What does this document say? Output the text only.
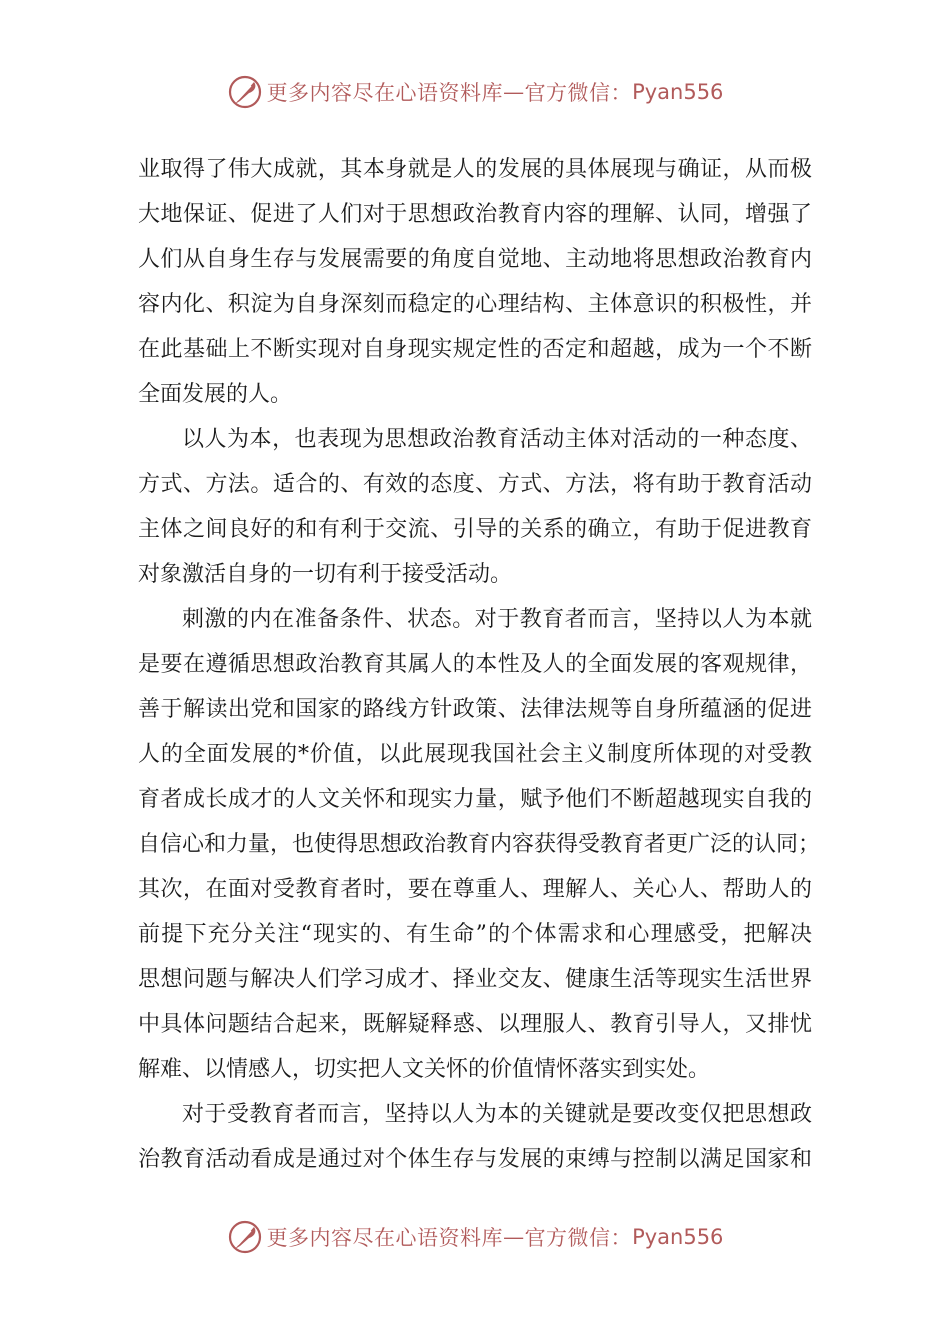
更多内容尽在心语资料库 — 官方微信： Pyan556
业取得了伟大成就，其本身就是人的发展的具体展现与确证，从而极
大地保证、促进了人们对于思想政治教育内容的理解、认同，增强了
人们从自身生存与发展需要的角度自觉地、主动地将思想政治教育内
容内化、积淀为自身深刻而稳定的心理结构、主体意识的积极性，并
在此基础上不断实现对自身现实规定性的否定和超越，成为一个不断
全面发展的人。
以人为本，也表现为思想政治教育活动主体对活动的一种态度、
方式、方法。适合的、有效的态度、方式、方法，将有助于教育活动
主体之间良好的和有利于交流、引导的关系的确立，有助于促进教育
对象激活自身的一切有利于接受活动。
刺激的内在准备条件、状态。对于教育者而言，坚持以人为本就
是要在遵循思想政治教育其属人的本性及人的全面发展的客观规律，
善于解读出党和国家的路线方针政策、法律法规等自身所蕴涵的促进
人的全面发展的*价值，以此展现我国社会主义制度所体现的对受教
育者成长成才的人文关怀和现实力量，赋予他们不断超越现实自我的
自信心和力量，也使得思想政治教育内容获得受教育者更广泛的认同；
其次，在面对受教育者时，要在尊重人、理解人、关心人、帮助人的
前提下充分关注“现实的、有生命”的个体需求和心理感受，把解决
思想问题与解决人们学习成才、择业交友、健康生活等现实生活世界
中具体问题结合起来，既解疑释惑、以理服人、教育引导人，又排忧
解难、以情感人，切实把人文关怀的价值情怀落实到实处。
对于受教育者而言，坚持以人为本的关键就是要改变仅把思想政
治教育活动看成是通过对个体生存与发展的束缚与控制以满足国家和
更多内容尽在心语资料库 — 官方微信： Pyan556
